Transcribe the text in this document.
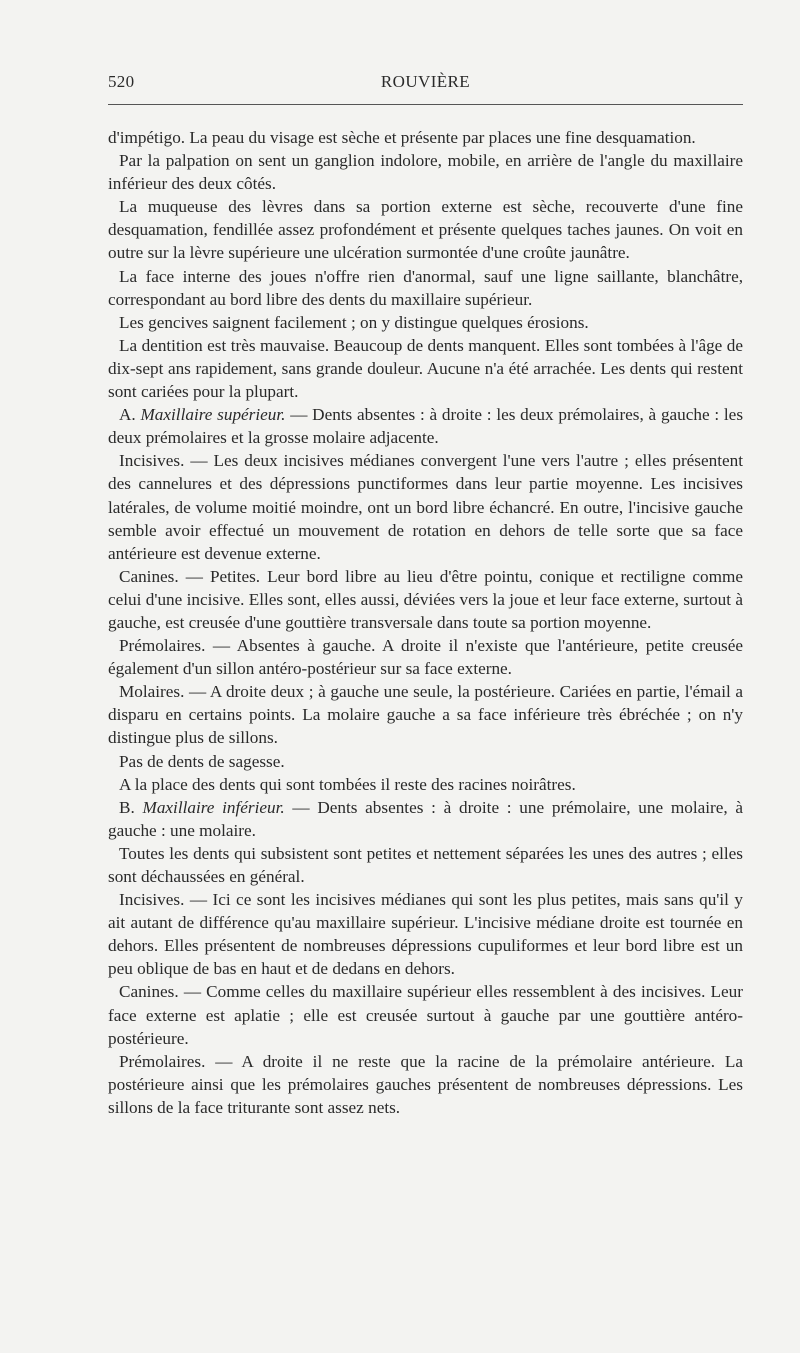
520	ROUVIÈRE

d'impétigo. La peau du visage est sèche et présente par places une fine desquamation.

Par la palpation on sent un ganglion indolore, mobile, en arrière de l'angle du maxillaire inférieur des deux côtés.

La muqueuse des lèvres dans sa portion externe est sèche, recouverte d'une fine desquamation, fendillée assez profondément et présente quelques taches jaunes. On voit en outre sur la lèvre supérieure une ulcération surmontée d'une croûte jaunâtre.

La face interne des joues n'offre rien d'anormal, sauf une ligne saillante, blanchâtre, correspondant au bord libre des dents du maxillaire supérieur.

Les gencives saignent facilement ; on y distingue quelques érosions.

La dentition est très mauvaise. Beaucoup de dents manquent. Elles sont tombées à l'âge de dix-sept ans rapidement, sans grande douleur. Aucune n'a été arrachée. Les dents qui restent sont cariées pour la plupart.

A. Maxillaire supérieur. — Dents absentes : à droite : les deux prémolaires, à gauche : les deux prémolaires et la grosse molaire adjacente.

Incisives. — Les deux incisives médianes convergent l'une vers l'autre ; elles présentent des cannelures et des dépressions punctiformes dans leur partie moyenne. Les incisives latérales, de volume moitié moindre, ont un bord libre échancré. En outre, l'incisive gauche semble avoir effectué un mouvement de rotation en dehors de telle sorte que sa face antérieure est devenue externe.

Canines. — Petites. Leur bord libre au lieu d'être pointu, conique et rectiligne comme celui d'une incisive. Elles sont, elles aussi, déviées vers la joue et leur face externe, surtout à gauche, est creusée d'une gouttière transversale dans toute sa portion moyenne.

Prémolaires. — Absentes à gauche. A droite il n'existe que l'antérieure, petite creusée également d'un sillon antéro-postérieur sur sa face externe.

Molaires. — A droite deux ; à gauche une seule, la postérieure. Cariées en partie, l'émail a disparu en certains points. La molaire gauche a sa face inférieure très ébréchée ; on n'y distingue plus de sillons.

Pas de dents de sagesse.

A la place des dents qui sont tombées il reste des racines noirâtres.

B. Maxillaire inférieur. — Dents absentes : à droite : une prémolaire, une molaire, à gauche : une molaire.

Toutes les dents qui subsistent sont petites et nettement séparées les unes des autres ; elles sont déchaussées en général.

Incisives. — Ici ce sont les incisives médianes qui sont les plus petites, mais sans qu'il y ait autant de différence qu'au maxillaire supérieur. L'incisive médiane droite est tournée en dehors. Elles présentent de nombreuses dépressions cupuliformes et leur bord libre est un peu oblique de bas en haut et de dedans en dehors.

Canines. — Comme celles du maxillaire supérieur elles ressemblent à des incisives. Leur face externe est aplatie ; elle est creusée surtout à gauche par une gouttière antéro-postérieure.

Prémolaires. — A droite il ne reste que la racine de la prémolaire antérieure. La postérieure ainsi que les prémolaires gauches présentent de nombreuses dépressions. Les sillons de la face triturante sont assez nets.
